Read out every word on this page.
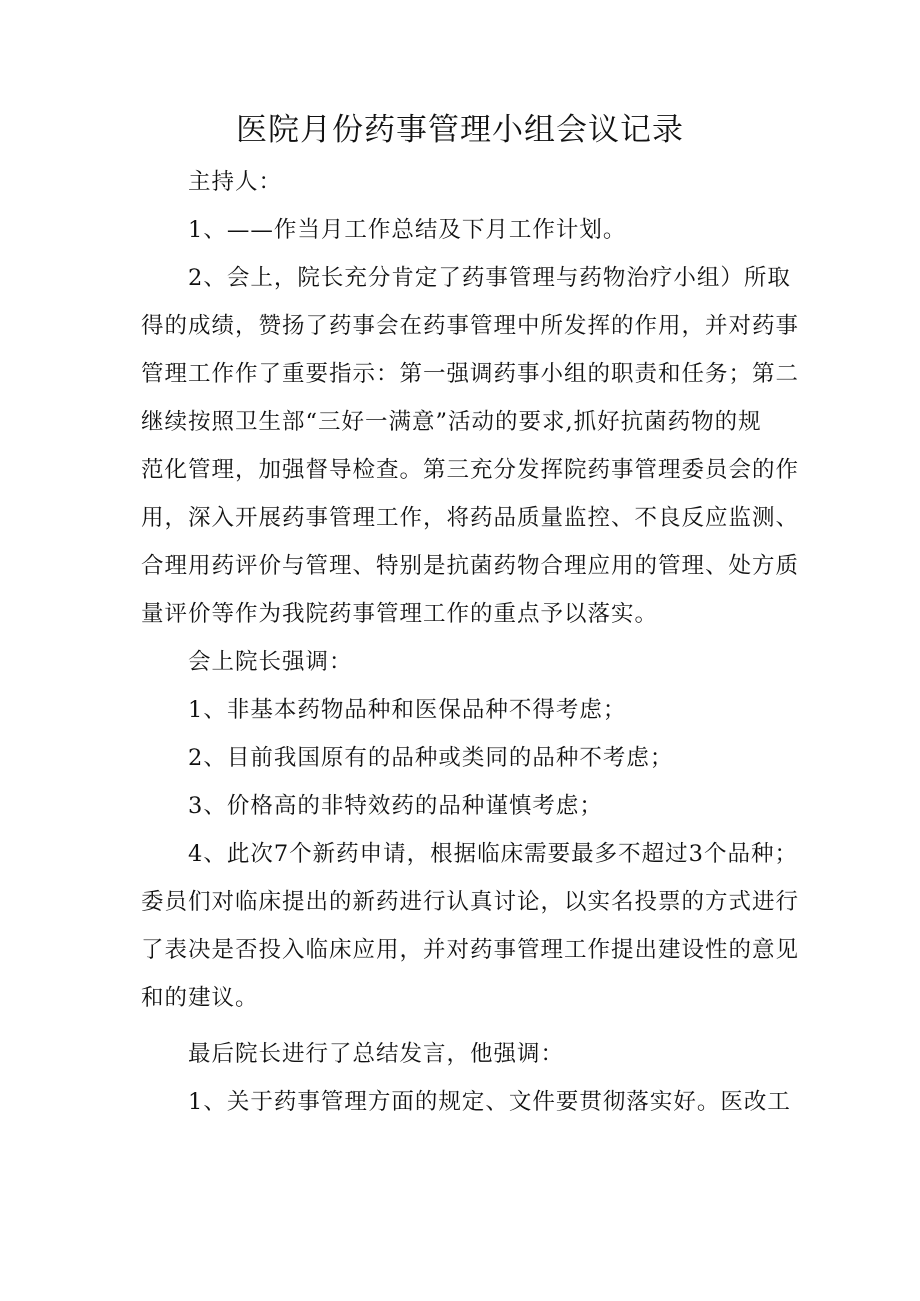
医院月份药事管理小组会议记录
主持人：
1、——作当月工作总结及下月工作计划。
2、会上，院长充分肯定了药事管理与药物治疗小组）所取
得的成绩，赞扬了药事会在药事管理中所发挥的作用，并对药事
管理工作作了重要指示：第一强调药事小组的职责和任务；第二
继续按照卫生部“三好一满意”活动的要求,抓好抗菌药物的规
范化管理，加强督导检查。第三充分发挥院药事管理委员会的作
用，深入开展药事管理工作，将药品质量监控、不良反应监测、
合理用药评价与管理、特别是抗菌药物合理应用的管理、处方质
量评价等作为我院药事管理工作的重点予以落实。
会上院长强调：
1、非基本药物品种和医保品种不得考虑；
2、目前我国原有的品种或类同的品种不考虑；
3、价格高的非特效药的品种谨慎考虑；
4、此次7个新药申请，根据临床需要最多不超过3个品种；
委员们对临床提出的新药进行认真讨论，以实名投票的方式进行
了表决是否投入临床应用，并对药事管理工作提出建设性的意见
和的建议。
最后院长进行了总结发言，他强调：
1、关于药事管理方面的规定、文件要贯彻落实好。医改工
